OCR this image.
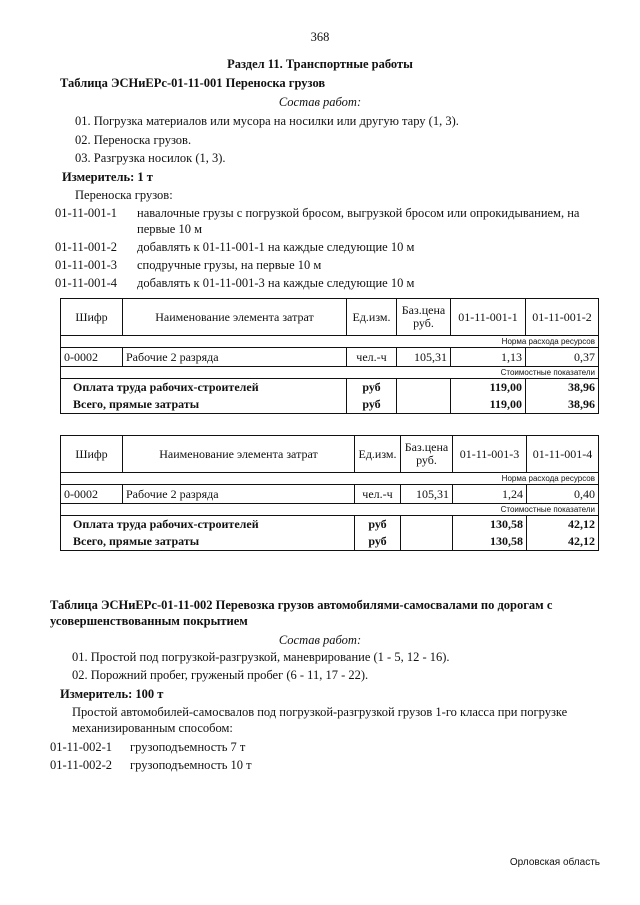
368
Раздел 11. Транспортные работы
Таблица ЭСНиЕРс-01-11-001 Переноска грузов
Состав работ:
01. Погрузка материалов или мусора на носилки или другую тару (1, 3).
02. Переноска грузов.
03. Разгрузка носилок (1, 3).
Измеритель: 1 т
Переноска грузов:
01-11-001-1 навалочные грузы с погрузкой бросом, выгрузкой бросом или опрокидыванием, на
первые 10 м
01-11-001-2 добавлять к 01-11-001-1 на каждые следующие 10 м
01-11-001-3 сподручные грузы, на первые 10 м
01-11-001-4 добавлять к 01-11-001-3 на каждые следующие 10 м
Шифр	Наименование элемента затрат	Ед.изм.	Баз.цена руб.	01-11-001-1	01-11-001-2
Норма расхода ресурсов					
0-0002	Рабочие 2 разряда	чел.-ч	105,31	1,13	0,37
Стоимостные показатели					
Оплата труда рабочих-строителей		руб		119,00	38,96
Всего, прямые затраты		руб		119,00	38,96
Шифр	Наименование элемента затрат	Ед.изм.	Баз.цена руб.	01-11-001-3	01-11-001-4
Норма расхода ресурсов					
0-0002	Рабочие 2 разряда	чел.-ч	105,31	1,24	0,40
Стоимостные показатели					
Оплата труда рабочих-строителей		руб		130,58	42,12
Всего, прямые затраты		руб		130,58	42,12
Таблица ЭСНиЕРс-01-11-002 Перевозка грузов автомобилями-самосвалами по дорогам с
усовершенствованным покрытием
Состав работ:
01. Простой под погрузкой-разгрузкой, маневрирование (1 - 5, 12 - 16).
02. Порожний пробег, груженый пробег (6 - 11, 17 - 22).
Измеритель: 100 т
Простой автомобилей-самосвалов под погрузкой-разгрузкой грузов 1-го класса при погрузке
механизированным способом:
01-11-002-1 грузоподъемность 7 т
01-11-002-2 грузоподъемность 10 т
Орловская область
